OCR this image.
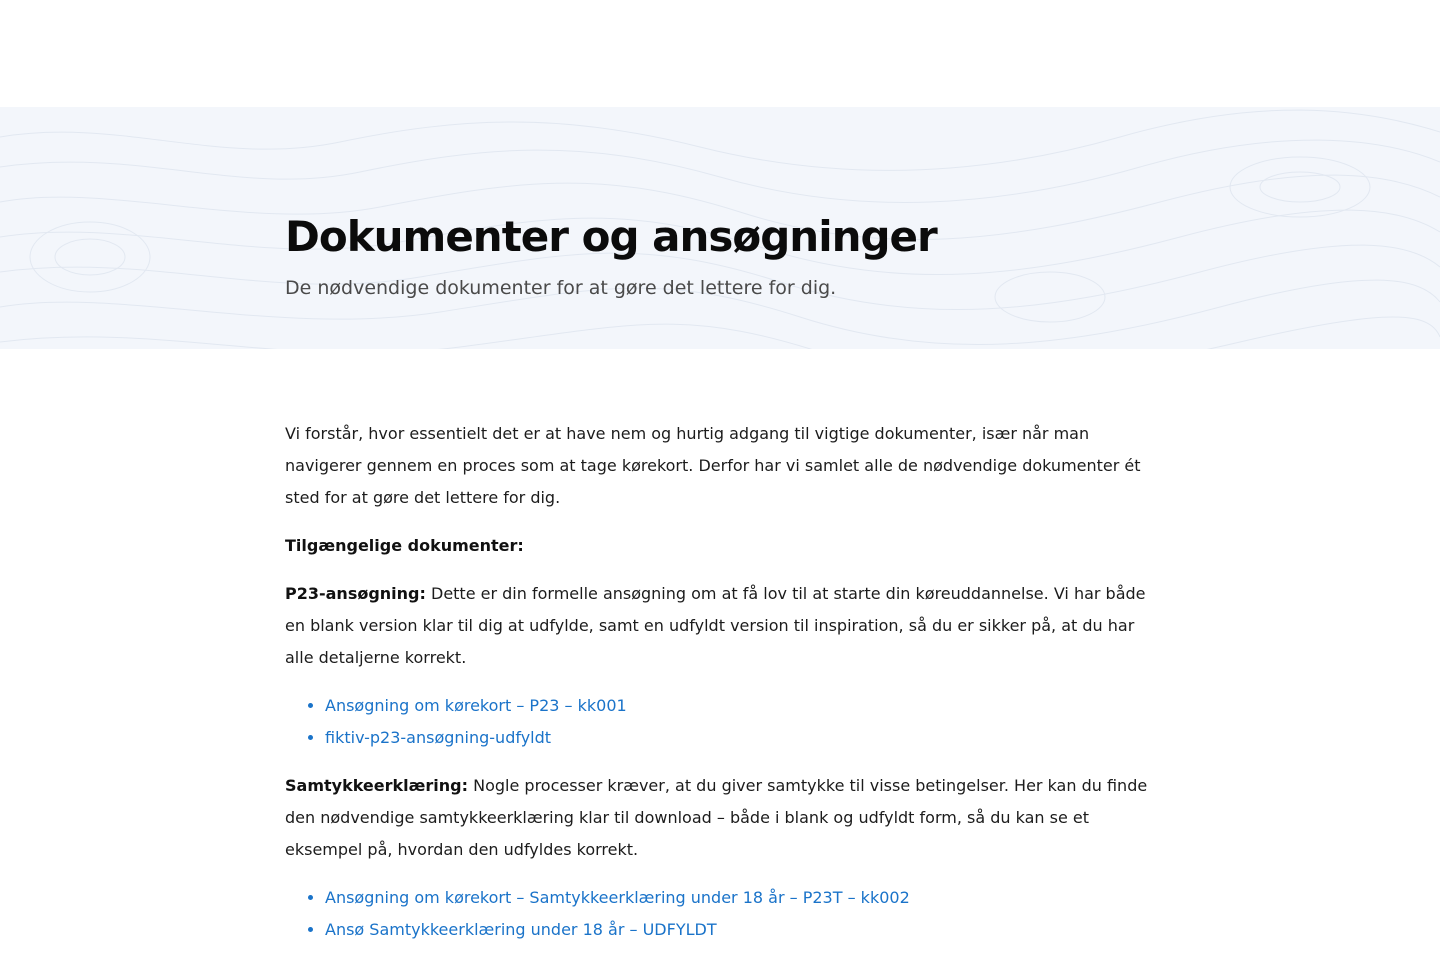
Dokumenter og ansøgninger
De nødvendige dokumenter for at gøre det lettere for dig.

Vi forstår, hvor essentielt det er at have nem og hurtig adgang til vigtige dokumenter, især når man navigerer gennem en proces som at tage kørekort. Derfor har vi samlet alle de nødvendige dokumenter ét sted for at gøre det lettere for dig.

Tilgængelige dokumenter:

P23-ansøgning: Dette er din formelle ansøgning om at få lov til at starte din køreuddannelse. Vi har både en blank version klar til dig at udfylde, samt en udfyldt version til inspiration, så du er sikker på, at du har alle detaljerne korrekt.

• Ansøgning om kørekort – P23 – kk001
• fiktiv-p23-ansøgning-udfyldt

Samtykkeerklæring: Nogle processer kræver, at du giver samtykke til visse betingelser. Her kan du finde den nødvendige samtykkeerklæring klar til download – både i blank og udfyldt form, så du kan se et eksempel på, hvordan den udfyldes korrekt.

• Ansøgning om kørekort – Samtykkeerklæring under 18 år – P23T – kk002
• Ansø Samtykkeerklæring under 18 år – UDFYLDT
